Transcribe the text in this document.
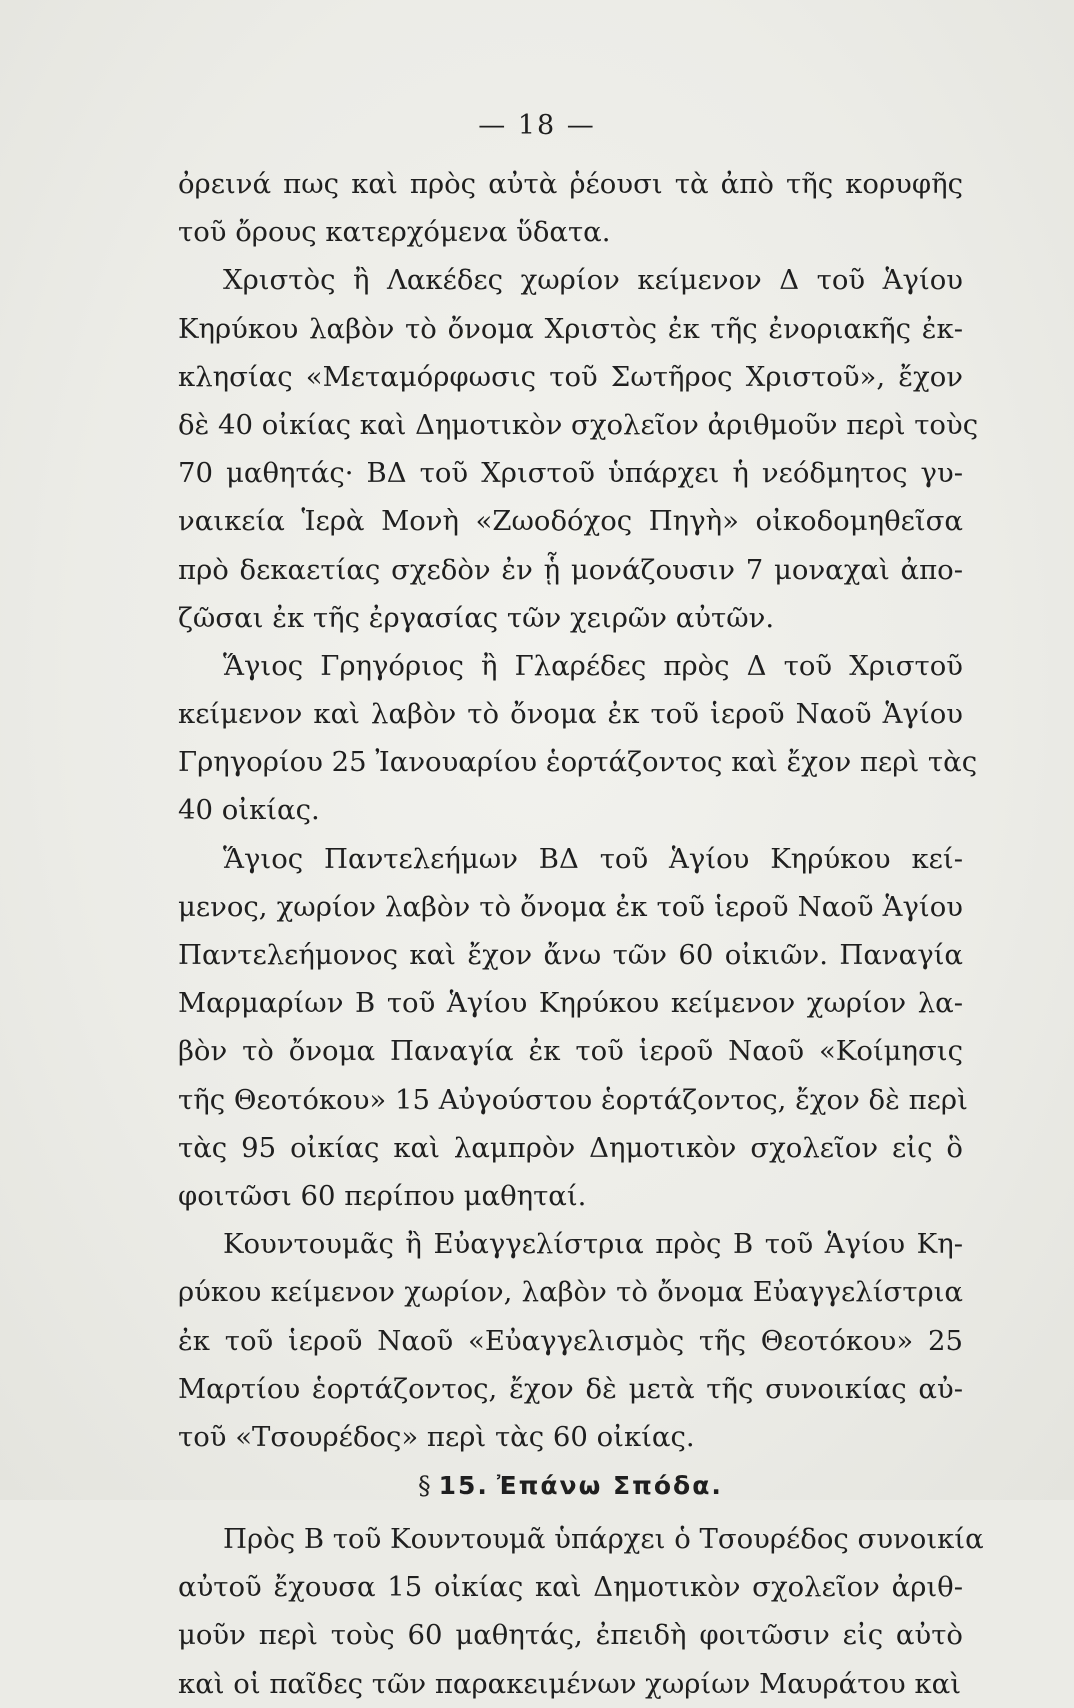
— 18 —
ὀρεινά πως καὶ πρὸς αὐτὰ ῥέουσι τὰ ἀπὸ τῆς κορυφῆς
τοῦ ὄρους κατερχόμενα ὕδατα.
Χριστὸς ἢ Λακέδες χωρίον κείμενον Δ τοῦ Ἁγίου
Κηρύκου λαβὸν τὸ ὄνομα Χριστὸς ἐκ τῆς ἐνοριακῆς ἐκ-
κλησίας «Μεταμόρφωσις τοῦ Σωτῆρος Χριστοῦ», ἔχον
δὲ 40 οἰκίας καὶ Δημοτικὸν σχολεῖον ἀριθμοῦν περὶ τοὺς
70 μαθητάς· ΒΔ τοῦ Χριστοῦ ὑπάρχει ἡ νεόδμητος γυ-
ναικεία Ἱερὰ Μονὴ «Ζωοδόχος Πηγὴ» οἰκοδομηθεῖσα
πρὸ δεκαετίας σχεδὸν ἐν ᾗ μονάζουσιν 7 μοναχαὶ ἀπο-
ζῶσαι ἐκ τῆς ἐργασίας τῶν χειρῶν αὐτῶν.
Ἅγιος Γρηγόριος ἢ Γλαρέδες πρὸς Δ τοῦ Χριστοῦ
κείμενον καὶ λαβὸν τὸ ὄνομα ἐκ τοῦ ἱεροῦ Ναοῦ Ἁγίου
Γρηγορίου 25 Ἰανουαρίου ἑορτάζοντος καὶ ἔχον περὶ τὰς
40 οἰκίας.
Ἅγιος Παντελεήμων ΒΔ τοῦ Ἁγίου Κηρύκου κεί-
μενος, χωρίον λαβὸν τὸ ὄνομα ἐκ τοῦ ἱεροῦ Ναοῦ Ἁγίου
Παντελεήμονος καὶ ἔχον ἄνω τῶν 60 οἰκιῶν. Παναγία
Μαρμαρίων Β τοῦ Ἁγίου Κηρύκου κείμενον χωρίον λα-
βὸν τὸ ὄνομα Παναγία ἐκ τοῦ ἱεροῦ Ναοῦ «Κοίμησις
τῆς Θεοτόκου» 15 Αὐγούστου ἑορτάζοντος, ἔχον δὲ περὶ
τὰς 95 οἰκίας καὶ λαμπρὸν Δημοτικὸν σχολεῖον εἰς ὃ
φοιτῶσι 60 περίπου μαθηταί.
Κουντουμᾶς ἢ Εὐαγγελίστρια πρὸς Β τοῦ Ἁγίου Κη-
ρύκου κείμενον χωρίον, λαβὸν τὸ ὄνομα Εὐαγγελίστρια
ἐκ τοῦ ἱεροῦ Ναοῦ «Εὐαγγελισμὸς τῆς Θεοτόκου» 25
Μαρτίου ἑορτάζοντος, ἔχον δὲ μετὰ τῆς συνοικίας αὐ-
τοῦ «Τσουρέδος» περὶ τὰς 60 οἰκίας.
§ 15. Ἐπάνω Σπόδα.
Πρὸς Β τοῦ Κουντουμᾶ ὑπάρχει ὁ Τσουρέδος συνοικία
αὐτοῦ ἔχουσα 15 οἰκίας καὶ Δημοτικὸν σχολεῖον ἀριθ-
μοῦν περὶ τοὺς 60 μαθητάς, ἐπειδὴ φοιτῶσιν εἰς αὐτὸ
καὶ οἱ παῖδες τῶν παρακειμένων χωρίων Μαυράτου καὶ
